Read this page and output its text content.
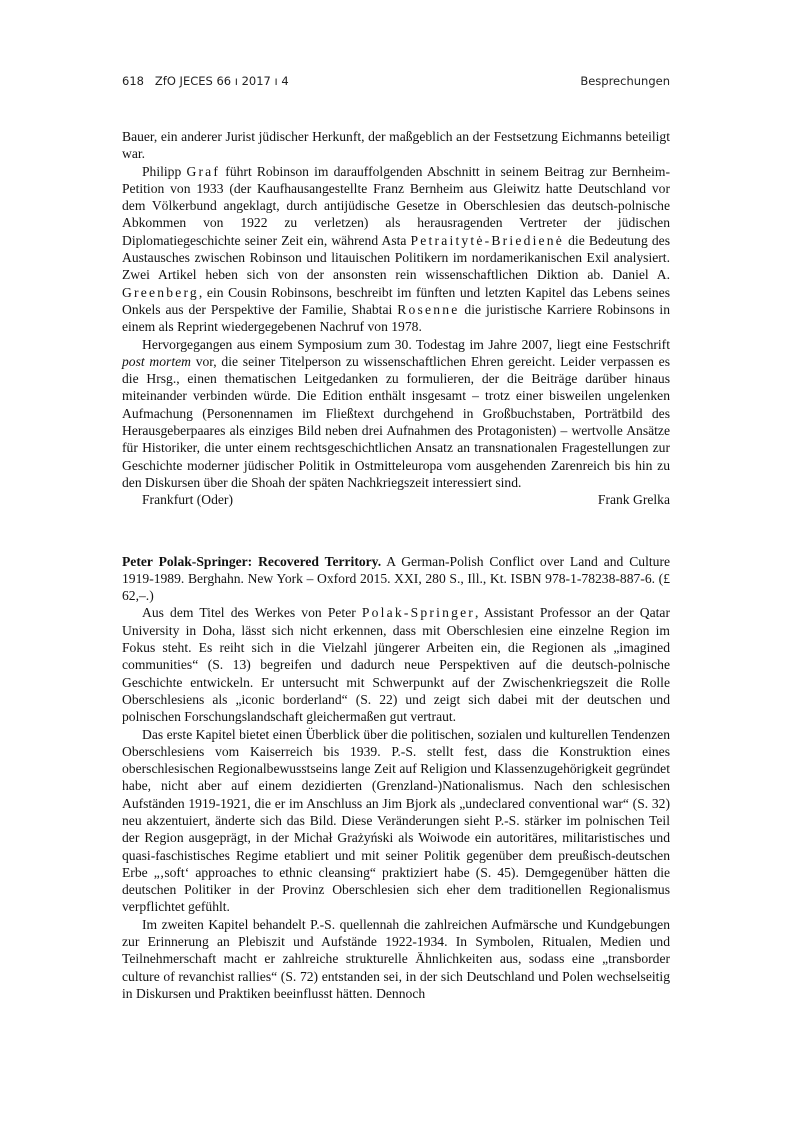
618 ZfO JECES 66 ı 2017 ı 4	Besprechungen

Bauer, ein anderer Jurist jüdischer Herkunft, der maßgeblich an der Festsetzung Eichmanns beteiligt war.

Philipp Graf führt Robinson im darauffolgenden Abschnitt in seinem Beitrag zur Bernheim-Petition von 1933 (der Kaufhausangestellte Franz Bernheim aus Gleiwitz hatte Deutschland vor dem Völkerbund angeklagt, durch antijüdische Gesetze in Oberschlesien das deutsch-polnische Abkommen von 1922 zu verletzen) als herausragenden Vertreter der jüdischen Diplomatiegeschichte seiner Zeit ein, während Asta Petraitytė-Briedienė die Bedeutung des Austausches zwischen Robinson und litauischen Politikern im nordamerikanischen Exil analysiert. Zwei Artikel heben sich von der ansonsten rein wissenschaftlichen Diktion ab. Daniel A. Greenberg, ein Cousin Robinsons, beschreibt im fünften und letzten Kapitel das Lebens seines Onkels aus der Perspektive der Familie, Shabtai Rosenne die juristische Karriere Robinsons in einem als Reprint wiedergegebenen Nachruf von 1978.

Hervorgegangen aus einem Symposium zum 30. Todestag im Jahre 2007, liegt eine Festschrift post mortem vor, die seiner Titelperson zu wissenschaftlichen Ehren gereicht. Leider verpassen es die Hrsg., einen thematischen Leitgedanken zu formulieren, der die Beiträge darüber hinaus miteinander verbinden würde. Die Edition enthält insgesamt – trotz einer bisweilen ungelenken Aufmachung (Personennamen im Fließtext durchgehend in Großbuchstaben, Porträtbild des Herausgeberpaares als einziges Bild neben drei Aufnahmen des Protagonisten) – wertvolle Ansätze für Historiker, die unter einem rechtsgeschichtlichen Ansatz an transnationalen Fragestellungen zur Geschichte moderner jüdischer Politik in Ostmitteleuropa vom ausgehenden Zarenreich bis hin zu den Diskursen über die Shoah der späten Nachkriegszeit interessiert sind.

Frankfurt (Oder)	Frank Grelka

Peter Polak-Springer: Recovered Territory. A German-Polish Conflict over Land and Culture 1919-1989. Berghahn. New York – Oxford 2015. XXI, 280 S., Ill., Kt. ISBN 978-1-78238-887-6. (£ 62,–.)

Aus dem Titel des Werkes von Peter Polak-Springer, Assistant Professor an der Qatar University in Doha, lässt sich nicht erkennen, dass mit Oberschlesien eine einzelne Region im Fokus steht. Es reiht sich in die Vielzahl jüngerer Arbeiten ein, die Regionen als „imagined communities“ (S. 13) begreifen und dadurch neue Perspektiven auf die deutsch-polnische Geschichte entwickeln. Er untersucht mit Schwerpunkt auf der Zwischenkriegszeit die Rolle Oberschlesiens als „iconic borderland“ (S. 22) und zeigt sich dabei mit der deutschen und polnischen Forschungslandschaft gleichermaßen gut vertraut.

Das erste Kapitel bietet einen Überblick über die politischen, sozialen und kulturellen Tendenzen Oberschlesiens vom Kaiserreich bis 1939. P.-S. stellt fest, dass die Konstruktion eines oberschlesischen Regionalbewusstseins lange Zeit auf Religion und Klassenzugehörigkeit gegründet habe, nicht aber auf einem dezidierten (Grenzland-)Nationalismus. Nach den schlesischen Aufständen 1919-1921, die er im Anschluss an Jim Bjork als „undeclared conventional war“ (S. 32) neu akzentuiert, änderte sich das Bild. Diese Veränderungen sieht P.-S. stärker im polnischen Teil der Region ausgeprägt, in der Michał Grażyński als Woiwode ein autoritäres, militaristisches und quasi-faschistisches Regime etabliert und mit seiner Politik gegenüber dem preußisch-deutschen Erbe „‚soft‘ approaches to ethnic cleansing“ praktiziert habe (S. 45). Demgegenüber hätten die deutschen Politiker in der Provinz Oberschlesien sich eher dem traditionellen Regionalismus verpflichtet gefühlt.

Im zweiten Kapitel behandelt P.-S. quellennah die zahlreichen Aufmärsche und Kundgebungen zur Erinnerung an Plebiszit und Aufstände 1922-1934. In Symbolen, Ritualen, Medien und Teilnehmerschaft macht er zahlreiche strukturelle Ähnlichkeiten aus, sodass eine „transborder culture of revanchist rallies“ (S. 72) entstanden sei, in der sich Deutschland und Polen wechselseitig in Diskursen und Praktiken beeinflusst hätten. Dennoch
